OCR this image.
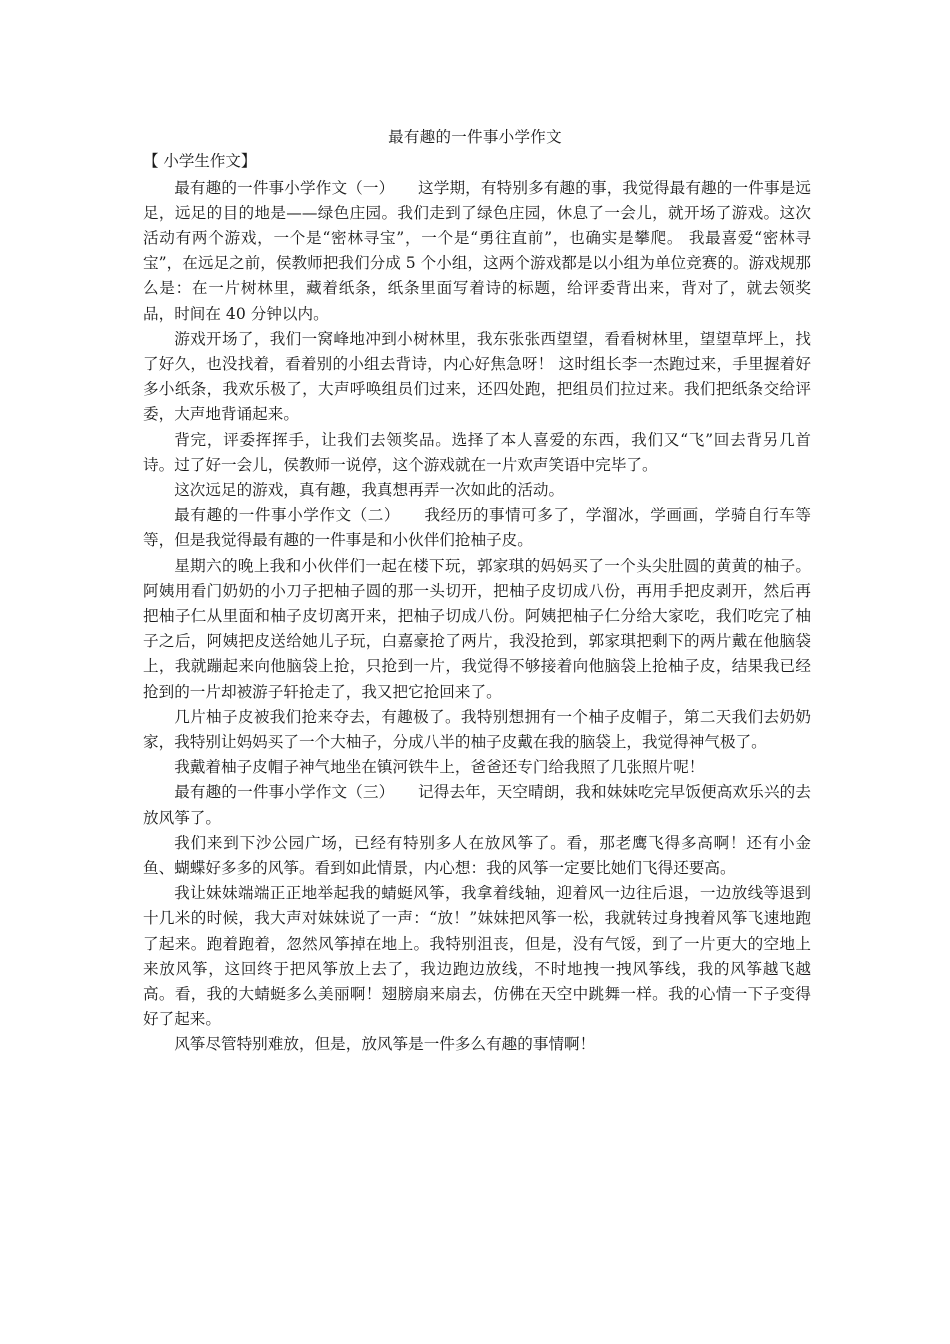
最有趣的一件事小学作文
【 小学生作文】

最有趣的一件事小学作文（一）　　这学期，有特别多有趣的事，我觉得最有趣的一件事是远足，远足的目的地是——绿色庄园。我们走到了绿色庄园，休息了一会儿，就开场了游戏。这次活动有两个游戏，一个是“密林寻宝”，一个是“勇往直前”，也确实是攀爬。 我最喜爱“密林寻宝”，在远足之前，侯教师把我们分成 5 个小组，这两个游戏都是以小组为单位竞赛的。游戏规那么是：在一片树林里，藏着纸条，纸条里面写着诗的标题，给评委背出来，背对了，就去领奖品，时间在 40 分钟以内。

游戏开场了，我们一窝峰地冲到小树林里，我东张张西望望，看看树林里，望望草坪上，找了好久，也没找着，看着别的小组去背诗，内心好焦急呀！ 这时组长李一杰跑过来，手里握着好多小纸条，我欢乐极了，大声呼唤组员们过来，还四处跑，把组员们拉过来。我们把纸条交给评委，大声地背诵起来。

背完，评委挥挥手，让我们去领奖品。选择了本人喜爱的东西，我们又“飞”回去背另几首诗。过了好一会儿，侯教师一说停，这个游戏就在一片欢声笑语中完毕了。

这次远足的游戏，真有趣，我真想再弄一次如此的活动。

最有趣的一件事小学作文（二）　　我经历的事情可多了，学溜冰，学画画，学骑自行车等等，但是我觉得最有趣的一件事是和小伙伴们抢柚子皮。

星期六的晚上我和小伙伴们一起在楼下玩，郭家琪的妈妈买了一个头尖肚圆的黄黄的柚子。阿姨用看门奶奶的小刀子把柚子圆的那一头切开，把柚子皮切成八份，再用手把皮剥开，然后再把柚子仁从里面和柚子皮切离开来，把柚子切成八份。阿姨把柚子仁分给大家吃，我们吃完了柚子之后，阿姨把皮送给她儿子玩，白嘉豪抢了两片，我没抢到，郭家琪把剩下的两片戴在他脑袋上，我就蹦起来向他脑袋上抢，只抢到一片，我觉得不够接着向他脑袋上抢柚子皮，结果我已经抢到的一片却被游子轩抢走了，我又把它抢回来了。

几片柚子皮被我们抢来夺去，有趣极了。我特别想拥有一个柚子皮帽子，第二天我们去奶奶家，我特别让妈妈买了一个大柚子，分成八半的柚子皮戴在我的脑袋上，我觉得神气极了。

我戴着柚子皮帽子神气地坐在镇河铁牛上，爸爸还专门给我照了几张照片呢！

最有趣的一件事小学作文（三）　　记得去年，天空晴朗，我和妹妹吃完早饭便高欢乐兴的去放风筝了。

我们来到下沙公园广场，已经有特别多人在放风筝了。看，那老鹰飞得多高啊！还有小金鱼、蝴蝶好多多的风筝。看到如此情景，内心想：我的风筝一定要比她们飞得还要高。

我让妹妹端端正正地举起我的蜻蜓风筝，我拿着线轴，迎着风一边往后退，一边放线等退到十几米的时候，我大声对妹妹说了一声：“放！”妹妹把风筝一松，我就转过身拽着风筝飞速地跑了起来。跑着跑着，忽然风筝掉在地上。我特别沮丧，但是，没有气馁，到了一片更大的空地上来放风筝，这回终于把风筝放上去了，我边跑边放线，不时地拽一拽风筝线，我的风筝越飞越高。看，我的大蜻蜓多么美丽啊！翅膀扇来扇去，仿佛在天空中跳舞一样。我的心情一下子变得好了起来。

风筝尽管特别难放，但是，放风筝是一件多么有趣的事情啊！
